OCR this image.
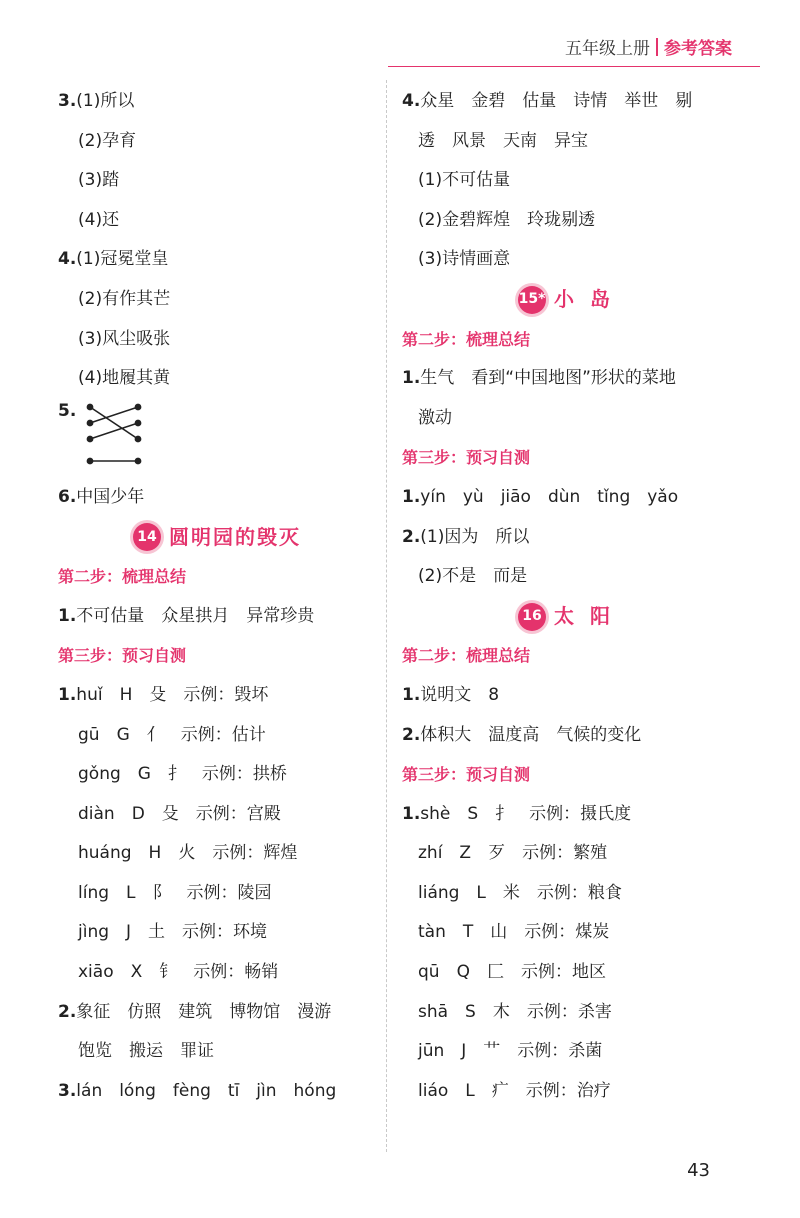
五年级上册 参考答案
3.(1)所以
(2)孕育
(3)踏
(4)还
4.(1)冠冕堂皇
(2)有作其芒
(3)风尘吸张
(4)地履其黄
5.
6.中国少年
14 圆明园的毁灭
第二步：梳理总结
1.不可估量　众星拱月　异常珍贵
第三步：预习自测
1.huǐ　H　殳　示例：毁坏
gū　G　亻　示例：估计
gǒng　G　扌　示例：拱桥
diàn　D　殳　示例：宫殿
huáng　H　火　示例：辉煌
líng　L　阝　示例：陵园
jìng　J　土　示例：环境
xiāo　X　钅　示例：畅销
2.象征　仿照　建筑　博物馆　漫游
饱览　搬运　罪证
3.lán　lóng　fèng　tī　jìn　hóng
4.众星　金碧　估量　诗情　举世　剔
透　风景　天南　异宝
(1)不可估量
(2)金碧辉煌　玲珑剔透
(3)诗情画意
15* 小岛
第二步：梳理总结
1.生气　看到“中国地图”形状的菜地
激动
第三步：预习自测
1.yín　yù　jiāo　dùn　tǐng　yǎo
2.(1)因为　所以
(2)不是　而是
16 太阳
第二步：梳理总结
1.说明文　8
2.体积大　温度高　气候的变化
第三步：预习自测
1.shè　S　扌　示例：摄氏度
zhí　Z　歹　示例：繁殖
liáng　L　米　示例：粮食
tàn　T　山　示例：煤炭
qū　Q　匚　示例：地区
shā　S　木　示例：杀害
jūn　J　艹　示例：杀菌
liáo　L　疒　示例：治疗
43
